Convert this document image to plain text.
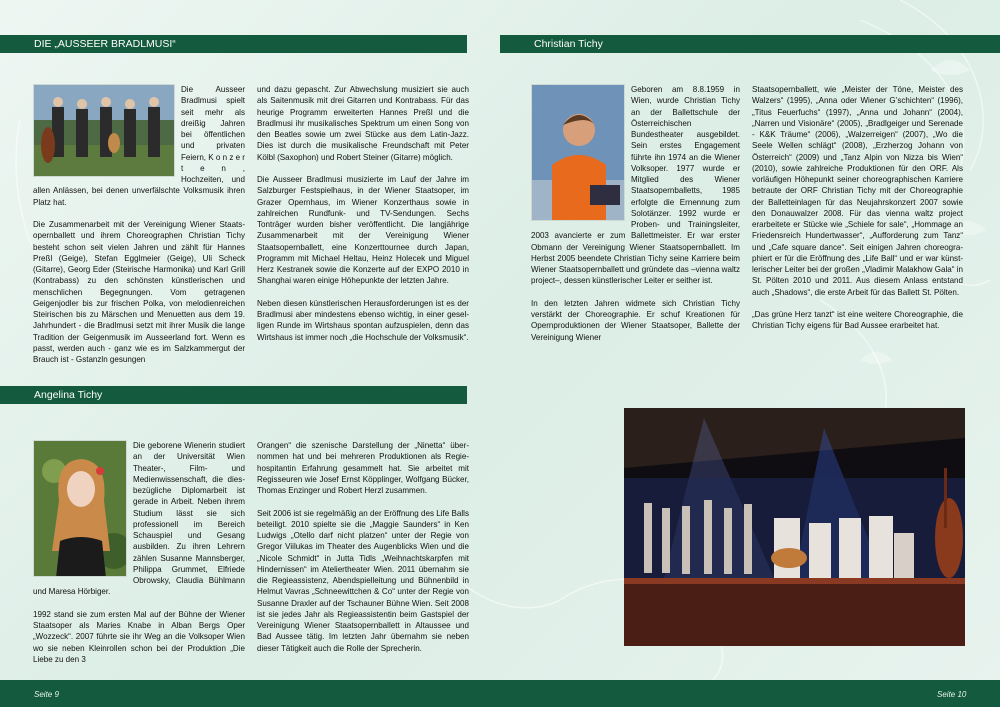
DIE „AUSSEER BRADLMUSI“	Christian Tichy
Angelina Tichy

Die Ausseer Bradlmusi spielt seit mehr als dreißig Jahren bei öffentlichen und privaten Feiern, K o n z e r t e n , Hochzeiten, und allen Anlässen, bei denen unverfälschte Volksmusik ihren Platz hat.

Die Zusammenarbeit mit der Vereinigung Wiener Staatsopernballett und ihrem Choreographen Christian Tichy besteht schon seit vielen Jahren und zählt für Hannes Preßl (Geige), Stefan Egglmeier (Geige), Uli Scheck (Gitarre), Georg Eder (Steirische Harmonika) und Karl Grill (Kontrabass) zu den schönsten künstlerischen und menschlichen Begegnungen. Vom getragenen Geigenjodler bis zur frischen Polka, von melodienreichen Steirischen bis zu Märschen und Menuetten aus dem 19. Jahrhundert - die Bradlmusi setzt mit ihrer Musik die lange Tradition der Geigenmusik im Ausseerland fort. Wenn es passt, werden auch - ganz wie es im Salzkammergut der Brauch ist - Gstanzln gesungen

und dazu gepascht. Zur Abwechslung musiziert sie auch als Saitenmusik mit drei Gitarren und Kontrabass. Für das heurige Programm erweiterten Hannes Preßl und die Bradlmusi ihr musikalisches Spektrum um einen Song von den Beatles sowie um zwei Stücke aus dem Latin-Jazz. Dies ist durch die musikalische Freundschaft mit Peter Kölbl (Saxophon) und Robert Steiner (Gitarre) möglich.

Die Ausseer Bradlmusi musizierte im Lauf der Jahre im Salzburger Festspielhaus, in der Wiener Staatsoper, im Grazer Opernhaus, im Wiener Konzerthaus sowie in zahlreichen Rundfunk- und TV-Sendungen. Sechs Tonträger wurden bisher veröffentlicht. Die langjährige Zusammenarbeit mit der Vereinigung Wiener Staatsopernballett, eine Konzerttournee durch Japan, Programm mit Michael Heltau, Heinz Holecek und Miguel Herz Kestranek sowie die Konzerte auf der EXPO 2010 in Shanghai waren einige Höhepunkte der letzten Jahre.

Neben diesen künstlerischen Herausforderungen ist es der Bradlmusi aber mindestens ebenso wichtig, in einer geselligen Runde im Wirtshaus spontan aufzuspielen, denn das Wirtshaus ist immer noch „die Hochschule der Volksmusik“.

Geboren am 8.8.1959 in Wien, wurde Christian Tichy an der Ballettschule der Österreichischen Bundestheater ausgebildet. Sein erstes Engagement führte ihn 1974 an die Wiener Volksoper. 1977 wurde er Mitglied des Wiener Staatsopernballetts, 1985 erfolgte die Ernennung zum Solotänzer. 1992 wurde er Proben- und Trainingsleiter, 2003 avancierte er zum Ballettmeister. Er war erster Obmann der Vereinigung Wiener Staatsopernballett. Im Herbst 2005 beendete Christian Tichy seine Karriere beim Wiener Staatsopernballett und gründete das –vienna waltz project–, dessen künstlerischer Leiter er seither ist.

In den letzten Jahren widmete sich Christian Tichy verstärkt der Choreographie. Er schuf Kreationen für Opernproduktionen der Wiener Staatsoper, Ballette der Vereinigung Wiener

Staatsopernballett, wie „Meister der Töne, Meister des Walzers“ (1995), „Anna oder Wiener G’schichten“ (1996), „Titus Feuerfuchs“ (1997), „Anna und Johann“ (2004), „Narren und Visionäre“ (2005), „Bradlgeiger und Serenade - K&K Träume“ (2006), „Walzerreigen“ (2007), „Wo die Seele Wellen schlägt“ (2008), „Erzherzog Johann von Österreich“ (2009) und „Tanz Alpin von Nizza bis Wien“ (2010), sowie zahlreiche Produktionen für den ORF. Als vorläufigen Höhepunkt seiner choreographischen Karriere betraute der ORF Christian Tichy mit der Choreographie der Balletteinlagen für das Neujahrskonzert 2007 sowie den Donauwalzer 2008. Für das vienna waltz project erarbeitete er Stücke wie „Schiele for sale“, „Hommage an Friedensreich Hundertwasser“, „Aufforderung zum Tanz“ und „Cafe square dance“. Seit einigen Jahren choreographiert er für die Eröffnung des „Life Ball“ und er war künstlerischer Leiter bei der großen „Vladimir Malakhow Gala“ in St. Pölten 2010 und 2011. Aus diesem Anlass entstand auch „Shadows“, die erste Arbeit für das Ballett St. Pölten.

„Das grüne Herz tanzt“ ist eine weitere Choreographie, die Christian Tichy eigens für Bad Aussee erarbeitet hat.

Die geborene Wienerin studiert an der Universität Wien Theater-, Film- und Medienwissenschaft, die diesbezügliche Diplomarbeit ist gerade in Arbeit. Neben ihrem Studium lässt sie sich professionell im Bereich Schauspiel und Gesang ausbilden. Zu ihren Lehrern zählen Susanne Mannsberger, Philippa Grummet, Elfriede Obrowsky, Claudia Bühlmann und Maresa Hörbiger.

1992 stand sie zum ersten Mal auf der Bühne der Wiener Staatsoper als Maries Knabe in Alban Bergs Oper „Wozzeck“. 2007 führte sie ihr Weg an die Volksoper Wien wo sie neben Kleinrollen schon bei der Produktion „Die Liebe zu den 3

Orangen“ die szenische Darstellung der „Ninetta“ übernommen hat und bei mehreren Produktionen als Regiehospitantin Erfahrung gesammelt hat. Sie arbeitet mit Regisseuren wie Josef Ernst Köpplinger, Wolfgang Bücker, Thomas Enzinger und Robert Herzl zusammen.

Seit 2006 ist sie regelmäßig an der Eröffnung des Life Balls beteiligt. 2010 spielte sie die „Maggie Saunders“ in Ken Ludwigs „Otello darf nicht platzen“ unter der Regie von Gregor Viilukas im Theater des Augenblicks Wien und die „Nicole Schmidt“ in Jutta Tidls „Weihnachtskarpfen mit Hindernissen“ im Ateliertheater Wien. 2011 übernahm sie die Regieassistenz, Abendspielleitung und Bühnenbild in Helmut Vavras „Schneewittchen & Co“ unter der Regie von Susanne Draxler auf der Tschauner Bühne Wien. Seit 2008 ist sie jedes Jahr als Regieassistentin beim Gastspiel der Vereinigung Wiener Staatsopernballett in Altaussee und Bad Aussee tätig. Im letzten Jahr übernahm sie neben dieser Tätigkeit auch die Rolle der Sprecherin.

Seite 9	Seite 10
